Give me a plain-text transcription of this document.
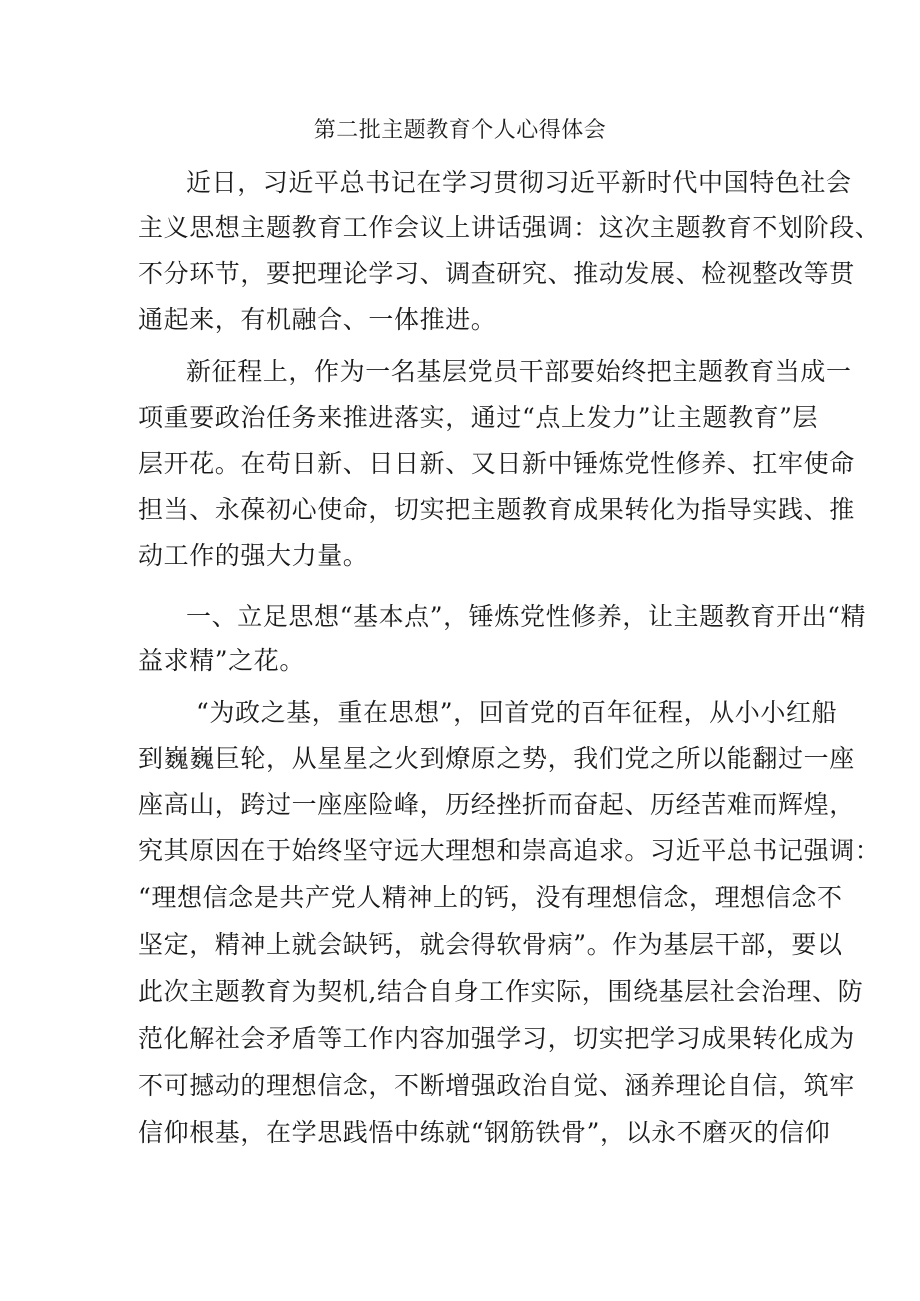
第二批主题教育个人心得体会

近日，习近平总书记在学习贯彻习近平新时代中国特色社会

主义思想主题教育工作会议上讲话强调：这次主题教育不划阶段、

不分环节，要把理论学习、调查研究、推动发展、检视整改等贯

通起来，有机融合、一体推进。

新征程上，作为一名基层党员干部要始终把主题教育当成一

项重要政治任务来推进落实，通过“点上发力”让主题教育”层

层开花。在苟日新、日日新、又日新中锤炼党性修养、扛牢使命

担当、永葆初心使命，切实把主题教育成果转化为指导实践、推

动工作的强大力量。

一、立足思想“基本点”，锤炼党性修养，让主题教育开出“精

益求精”之花。

“为政之基，重在思想”，回首党的百年征程，从小小红船

到巍巍巨轮，从星星之火到燎原之势，我们党之所以能翻过一座

座高山，跨过一座座险峰，历经挫折而奋起、历经苦难而辉煌，

究其原因在于始终坚守远大理想和崇高追求。习近平总书记强调：

“理想信念是共产党人精神上的钙，没有理想信念，理想信念不

坚定，精神上就会缺钙，就会得软骨病”。作为基层干部，要以

此次主题教育为契机,结合自身工作实际，围绕基层社会治理、防

范化解社会矛盾等工作内容加强学习，切实把学习成果转化成为

不可撼动的理想信念，不断增强政治自觉、涵养理论自信，筑牢

信仰根基，在学思践悟中练就“钢筋铁骨”，以永不磨灭的信仰
